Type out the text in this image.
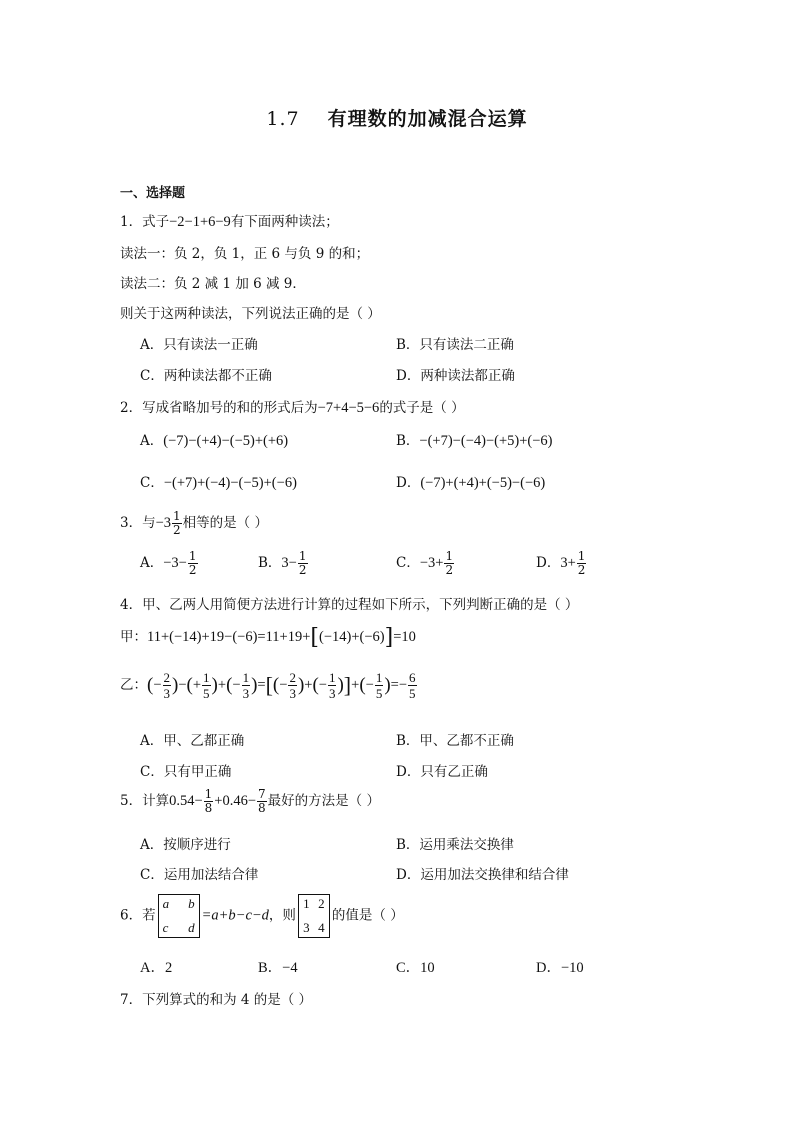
1.7 有理数的加减混合运算
一、选择题
1．式子−2−1+6−9有下面两种读法；
读法一：负 2，负 1，正 6 与负 9 的和；
读法二：负 2 减 1 加 6 减 9．
则关于这两种读法，下列说法正确的是（ ）
A．只有读法一正确	B．只有读法二正确
C．两种读法都不正确	D．两种读法都正确
2．写成省略加号的和的形式后为−7+4−5−6的式子是（ ）
A．(−7)−(+4)−(−5)+(+6)	B．−(+7)−(−4)−(+5)+(−6)
C．−(+7)+(−4)−(−5)+(−6)	D．(−7)+(+4)+(−5)−(−6)
3．与$-3 \frac{1}{2}$ 相等的是（ ）
A．$-3- \frac{1}{2}$	B．$3- \frac{1}{2}$	C．$-3+ \frac{1}{2}$	D．$3+ \frac{1}{2}$
4．甲、乙两人用简便方法进行计算的过程如下所示，下列判断正确的是（ ）
甲：11+(−14)+19−(−6)=11+19+[(−14)+(−6)]=10
乙：(− $\frac{2}{3}$ )−(+ $\frac{1}{5}$ )+(− $\frac{1}{3}$ )=[(− $\frac{2}{3}$ )+(− $\frac{1}{3}$ )]+(− $\frac{1}{5}$ )=− $\frac{6}{5}$
A．甲、乙都正确	B．甲、乙都不正确
C．只有甲正确	D．只有乙正确
5．计算$0.54- \frac{1}{8} +0.46- \frac{7}{8}$ 最好的方法是（ ）
A．按顺序进行	B．运用乘法交换律
C．运用加法结合律	D．运用加法交换律和结合律
6．若
a	b
c	d
=a+b−c−d，则
1 2
3 4
的值是（ ）
A．2	B．−4	C．10	D．−10
7．下列算式的和为 4 的是（ ）
